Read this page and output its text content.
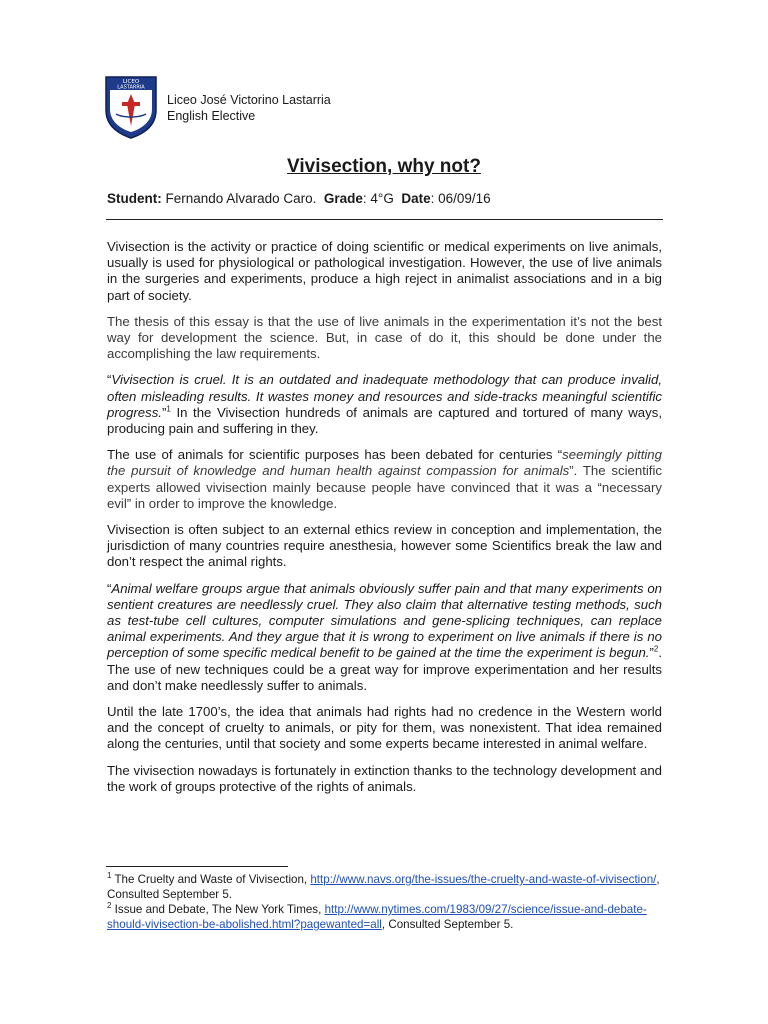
LICEO
LASTARRIA
Liceo José Victorino Lastarria
English Elective
Vivisection, why not?
Student: Fernando Alvarado Caro. Grade: 4°G Date: 06/09/16

Vivisection is the activity or practice of doing scientific or medical experiments on live animals, usually is used for physiological or pathological investigation. However, the use of live animals in the surgeries and experiments, produce a high reject in animalist associations and in a big part of society.

The thesis of this essay is that the use of live animals in the experimentation it’s not the best way for development the science. But, in case of do it, this should be done under the accomplishing the law requirements.

“Vivisection is cruel. It is an outdated and inadequate methodology that can produce invalid, often misleading results. It wastes money and resources and side-tracks meaningful scientific progress.”$^1$ In the Vivisection hundreds of animals are captured and tortured of many ways, producing pain and suffering in they.

The use of animals for scientific purposes has been debated for centuries “seemingly pitting the pursuit of knowledge and human health against compassion for animals”. The scientific experts allowed vivisection mainly because people have convinced that it was a “necessary evil” in order to improve the knowledge.

Vivisection is often subject to an external ethics review in conception and implementation, the jurisdiction of many countries require anesthesia, however some Scientifics break the law and don’t respect the animal rights.

“Animal welfare groups argue that animals obviously suffer pain and that many experiments on sentient creatures are needlessly cruel. They also claim that alternative testing methods, such as test-tube cell cultures, computer simulations and gene-splicing techniques, can replace animal experiments. And they argue that it is wrong to experiment on live animals if there is no perception of some specific medical benefit to be gained at the time the experiment is begun.”$^2$. The use of new techniques could be a great way for improve experimentation and her results and don’t make needlessly suffer to animals.

Until the late 1700’s, the idea that animals had rights had no credence in the Western world and the concept of cruelty to animals, or pity for them, was nonexistent. That idea remained along the centuries, until that society and some experts became interested in animal welfare.

The vivisection nowadays is fortunately in extinction thanks to the technology development and the work of groups protective of the rights of animals.

$^1$ The Cruelty and Waste of Vivisection, http://www.navs.org/the-issues/the-cruelty-and-waste-of-vivisection/, Consulted September 5.

$^2$ Issue and Debate, The New York Times, http://www.nytimes.com/1983/09/27/science/issue-and-debate-should-vivisection-be-abolished.html?pagewanted=all, Consulted September 5.
